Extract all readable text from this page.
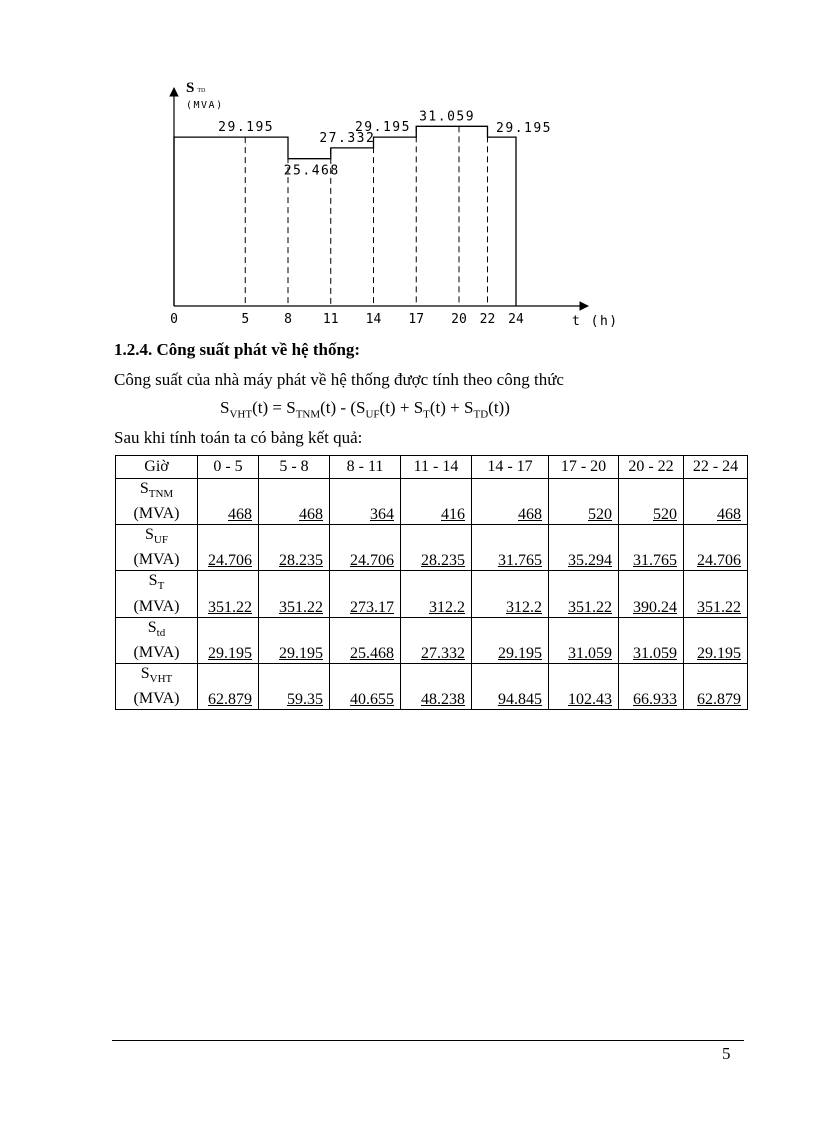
STD
(MVA)
t (h)
29.195
25.468
27.332
29.195
31.059
29.195
0	5	8 11 14 17 20 22 24
1.2.4. Công suất phát về hệ thống:
Công suất của nhà máy phát về hệ thống được tính theo công thức
$S_{VHT}(t) = S_{TNM}(t) - (S_{UF}(t) + S_T(t) + S_{TD}(t))$
Sau khi tính toán ta có bảng kết quả:
Giờ	0 - 5	5 - 8	8 - 11	11 - 14	14 - 17	17 - 20	20 - 22	22 - 24
$S_{TNM}$
(MVA)	468	468	364	416	468	520	520	468
$S_{UF}$
(MVA)	24.706	28.235	24.706	28.235	31.765	35.294	31.765	24.706
$S_T$
(MVA)	351.22	351.22	273.17	312.2	312.2	351.22	390.24	351.22
$S_{td}$
(MVA)	29.195	29.195	25.468	27.332	29.195	31.059	31.059	29.195
$S_{VHT}$
(MVA)	62.879	59.35	40.655	48.238	94.845	102.43	66.933	62.879
5
